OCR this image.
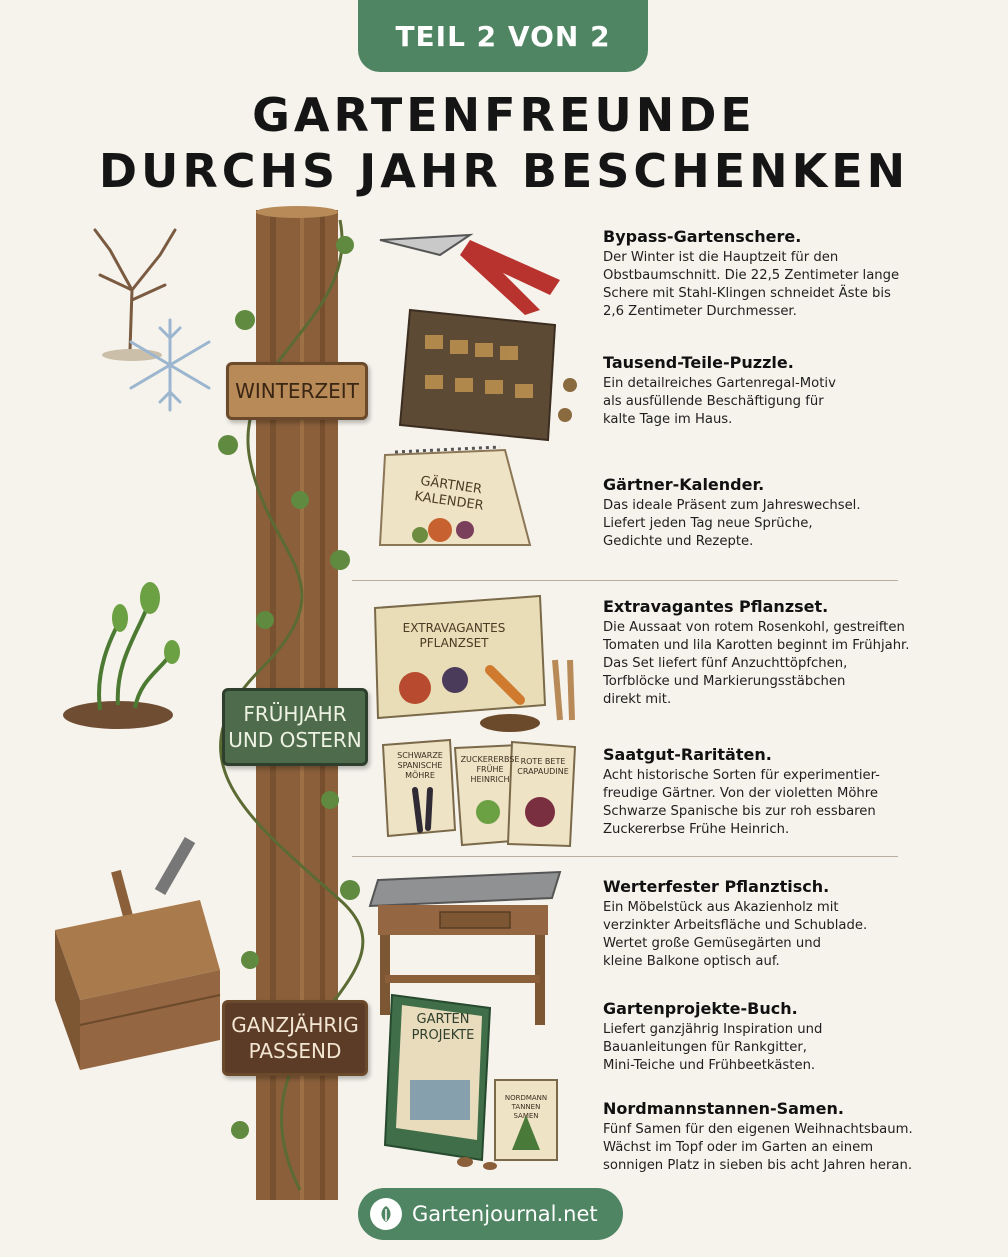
TEIL 2 VON 2
GARTENFREUNDE
DURCHS JAHR BESCHENKEN
GÄRTNER
KALENDER
EXTRAVAGANTES
PFLANZSET
SCHWARZE
SPANISCHE
MÖHRE
ZUCKERERBSE
FRÜHE
HEINRICH
ROTE BETE
CRAPAUDINE
GARTEN
PROJEKTE
NORDMANN
TANNEN
SAMEN
WINTERZEIT
FRÜHJAHR
UND OSTERN
GANZJÄHRIG
PASSEND
Bypass-Gartenschere.

Der Winter ist die Hauptzeit für den
Obstbaumschnitt. Die 22,5 Zentimeter lange
Schere mit Stahl-Klingen schneidet Äste bis
2,6 Zentimeter Durchmesser.

Tausend-Teile-Puzzle.

Ein detailreiches Gartenregal-Motiv
als ausfüllende Beschäftigung für
kalte Tage im Haus.

Gärtner-Kalender.

Das ideale Präsent zum Jahreswechsel.
Liefert jeden Tag neue Sprüche,
Gedichte und Rezepte.

Extravagantes Pflanzset.

Die Aussaat von rotem Rosenkohl, gestreiften
Tomaten und lila Karotten beginnt im Frühjahr.
Das Set liefert fünf Anzuchttöpfchen,
Torfblöcke und Markierungsstäbchen
direkt mit.

Saatgut-Raritäten.

Acht historische Sorten für experimentier-
freudige Gärtner. Von der violetten Möhre
Schwarze Spanische bis zur roh essbaren
Zuckererbse Frühe Heinrich.

Werterfester Pflanztisch.

Ein Möbelstück aus Akazienholz mit
verzinkter Arbeitsfläche und Schublade.
Wertet große Gemüsegärten und
kleine Balkone optisch auf.

Gartenprojekte-Buch.

Liefert ganzjährig Inspiration und
Bauanleitungen für Rankgitter,
Mini-Teiche und Frühbeetkästen.

Nordmannstannen-Samen.

Fünf Samen für den eigenen Weihnachtsbaum.
Wächst im Topf oder im Garten an einem
sonnigen Platz in sieben bis acht Jahren heran.

Gartenjournal.net
